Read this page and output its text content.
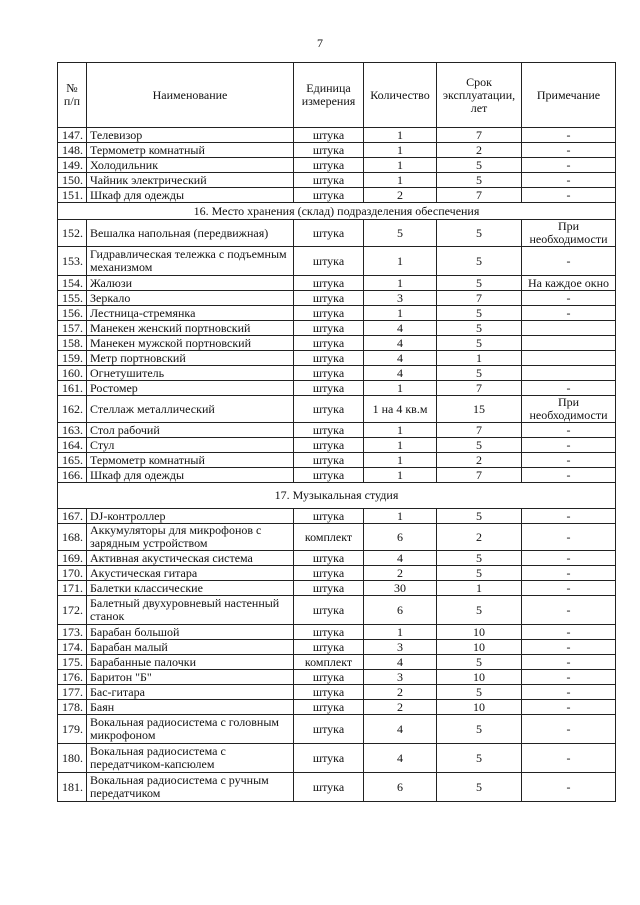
7
№ п/п	Наименование	Единица измерения	Количество	Срок эксплуатации, лет	Примечание
147.	Телевизор	штука	1	7	-
148.	Термометр комнатный	штука	1	2	-
149.	Холодильник	штука	1	5	-
150.	Чайник электрический	штука	1	5	-
151.	Шкаф для одежды	штука	2	7	-
16. Место хранения (склад) подразделения обеспечения					
152.	Вешалка напольная (передвижная)	штука	5	5	При необходимости
153.	Гидравлическая тележка с подъемным механизмом	штука	1	5	-
154.	Жалюзи	штука	1	5	На каждое окно
155.	Зеркало	штука	3	7	-
156.	Лестница-стремянка	штука	1	5	-
157.	Манекен женский портновский	штука	4	5	
158.	Манекен мужской портновский	штука	4	5	
159.	Метр портновский	штука	4	1	
160.	Огнетушитель	штука	4	5	
161.	Ростомер	штука	1	7	-
162.	Стеллаж металлический	штука	1 на 4 кв.м	15	При необходимости
163.	Стол рабочий	штука	1	7	-
164.	Стул	штука	1	5	-
165.	Термометр комнатный	штука	1	2	-
166.	Шкаф для одежды	штука	1	7	-
17. Музыкальная студия					
167.	DJ-контроллер	штука	1	5	-
168.	Аккумуляторы для микрофонов с зарядным устройством	комплект	6	2	-
169.	Активная акустическая система	штука	4	5	-
170.	Акустическая гитара	штука	2	5	-
171.	Балетки классические	штука	30	1	-
172.	Балетный двухуровневый настенный станок	штука	6	5	-
173.	Барабан большой	штука	1	10	-
174.	Барабан малый	штука	3	10	-
175.	Барабанные палочки	комплект	4	5	-
176.	Баритон "Б"	штука	3	10	-
177.	Бас-гитара	штука	2	5	-
178.	Баян	штука	2	10	-
179.	Вокальная радиосистема с головным микрофоном	штука	4	5	-
180.	Вокальная радиосистема с передатчиком-капсюлем	штука	4	5	-
181.	Вокальная радиосистема с ручным передатчиком	штука	6	5	-
